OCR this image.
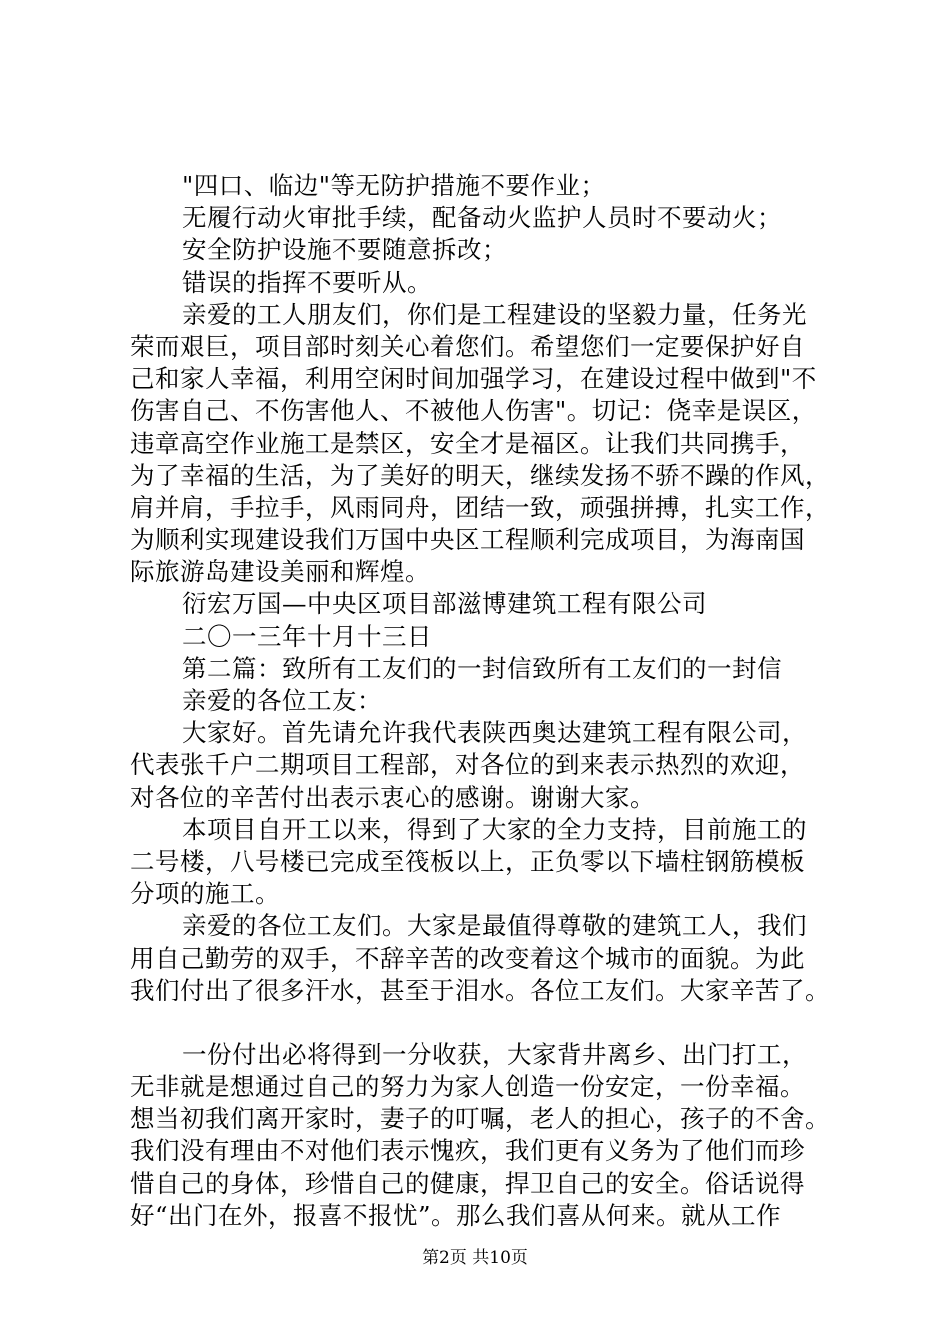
"四口、临边"等无防护措施不要作业；
无履行动火审批手续，配备动火监护人员时不要动火；
安全防护设施不要随意拆改；
错误的指挥不要听从。
亲爱的工人朋友们，你们是工程建设的坚毅力量，任务光
荣而艰巨，项目部时刻关心着您们。希望您们一定要保护好自
己和家人幸福，利用空闲时间加强学习，在建设过程中做到"不
伤害自己、不伤害他人、不被他人伤害"。切记：侥幸是误区，
违章高空作业施工是禁区，安全才是福区。让我们共同携手，
为了幸福的生活，为了美好的明天，继续发扬不骄不躁的作风，
肩并肩，手拉手，风雨同舟，团结一致，顽强拼搏，扎实工作，
为顺利实现建设我们万国中央区工程顺利完成项目，为海南国
际旅游岛建设美丽和辉煌。
衍宏万国—中央区项目部滋博建筑工程有限公司
二〇一三年十月十三日
第二篇：致所有工友们的一封信致所有工友们的一封信
亲爱的各位工友：
大家好。首先请允许我代表陕西奥达建筑工程有限公司，
代表张千户二期项目工程部，对各位的到来表示热烈的欢迎，
对各位的辛苦付出表示衷心的感谢。谢谢大家。
本项目自开工以来，得到了大家的全力支持，目前施工的
二号楼，八号楼已完成至筏板以上，正负零以下墙柱钢筋模板
分项的施工。
亲爱的各位工友们。大家是最值得尊敬的建筑工人，我们
用自己勤劳的双手，不辞辛苦的改变着这个城市的面貌。为此
我们付出了很多汗水，甚至于泪水。各位工友们。大家辛苦了。
一份付出必将得到一分收获，大家背井离乡、出门打工，
无非就是想通过自己的努力为家人创造一份安定，一份幸福。
想当初我们离开家时，妻子的叮嘱，老人的担心，孩子的不舍。
我们没有理由不对他们表示愧疚，我们更有义务为了他们而珍
惜自己的身体，珍惜自己的健康，捍卫自己的安全。俗话说得
好“出门在外，报喜不报忧”。那么我们喜从何来。就从工作
第2页 共10页
